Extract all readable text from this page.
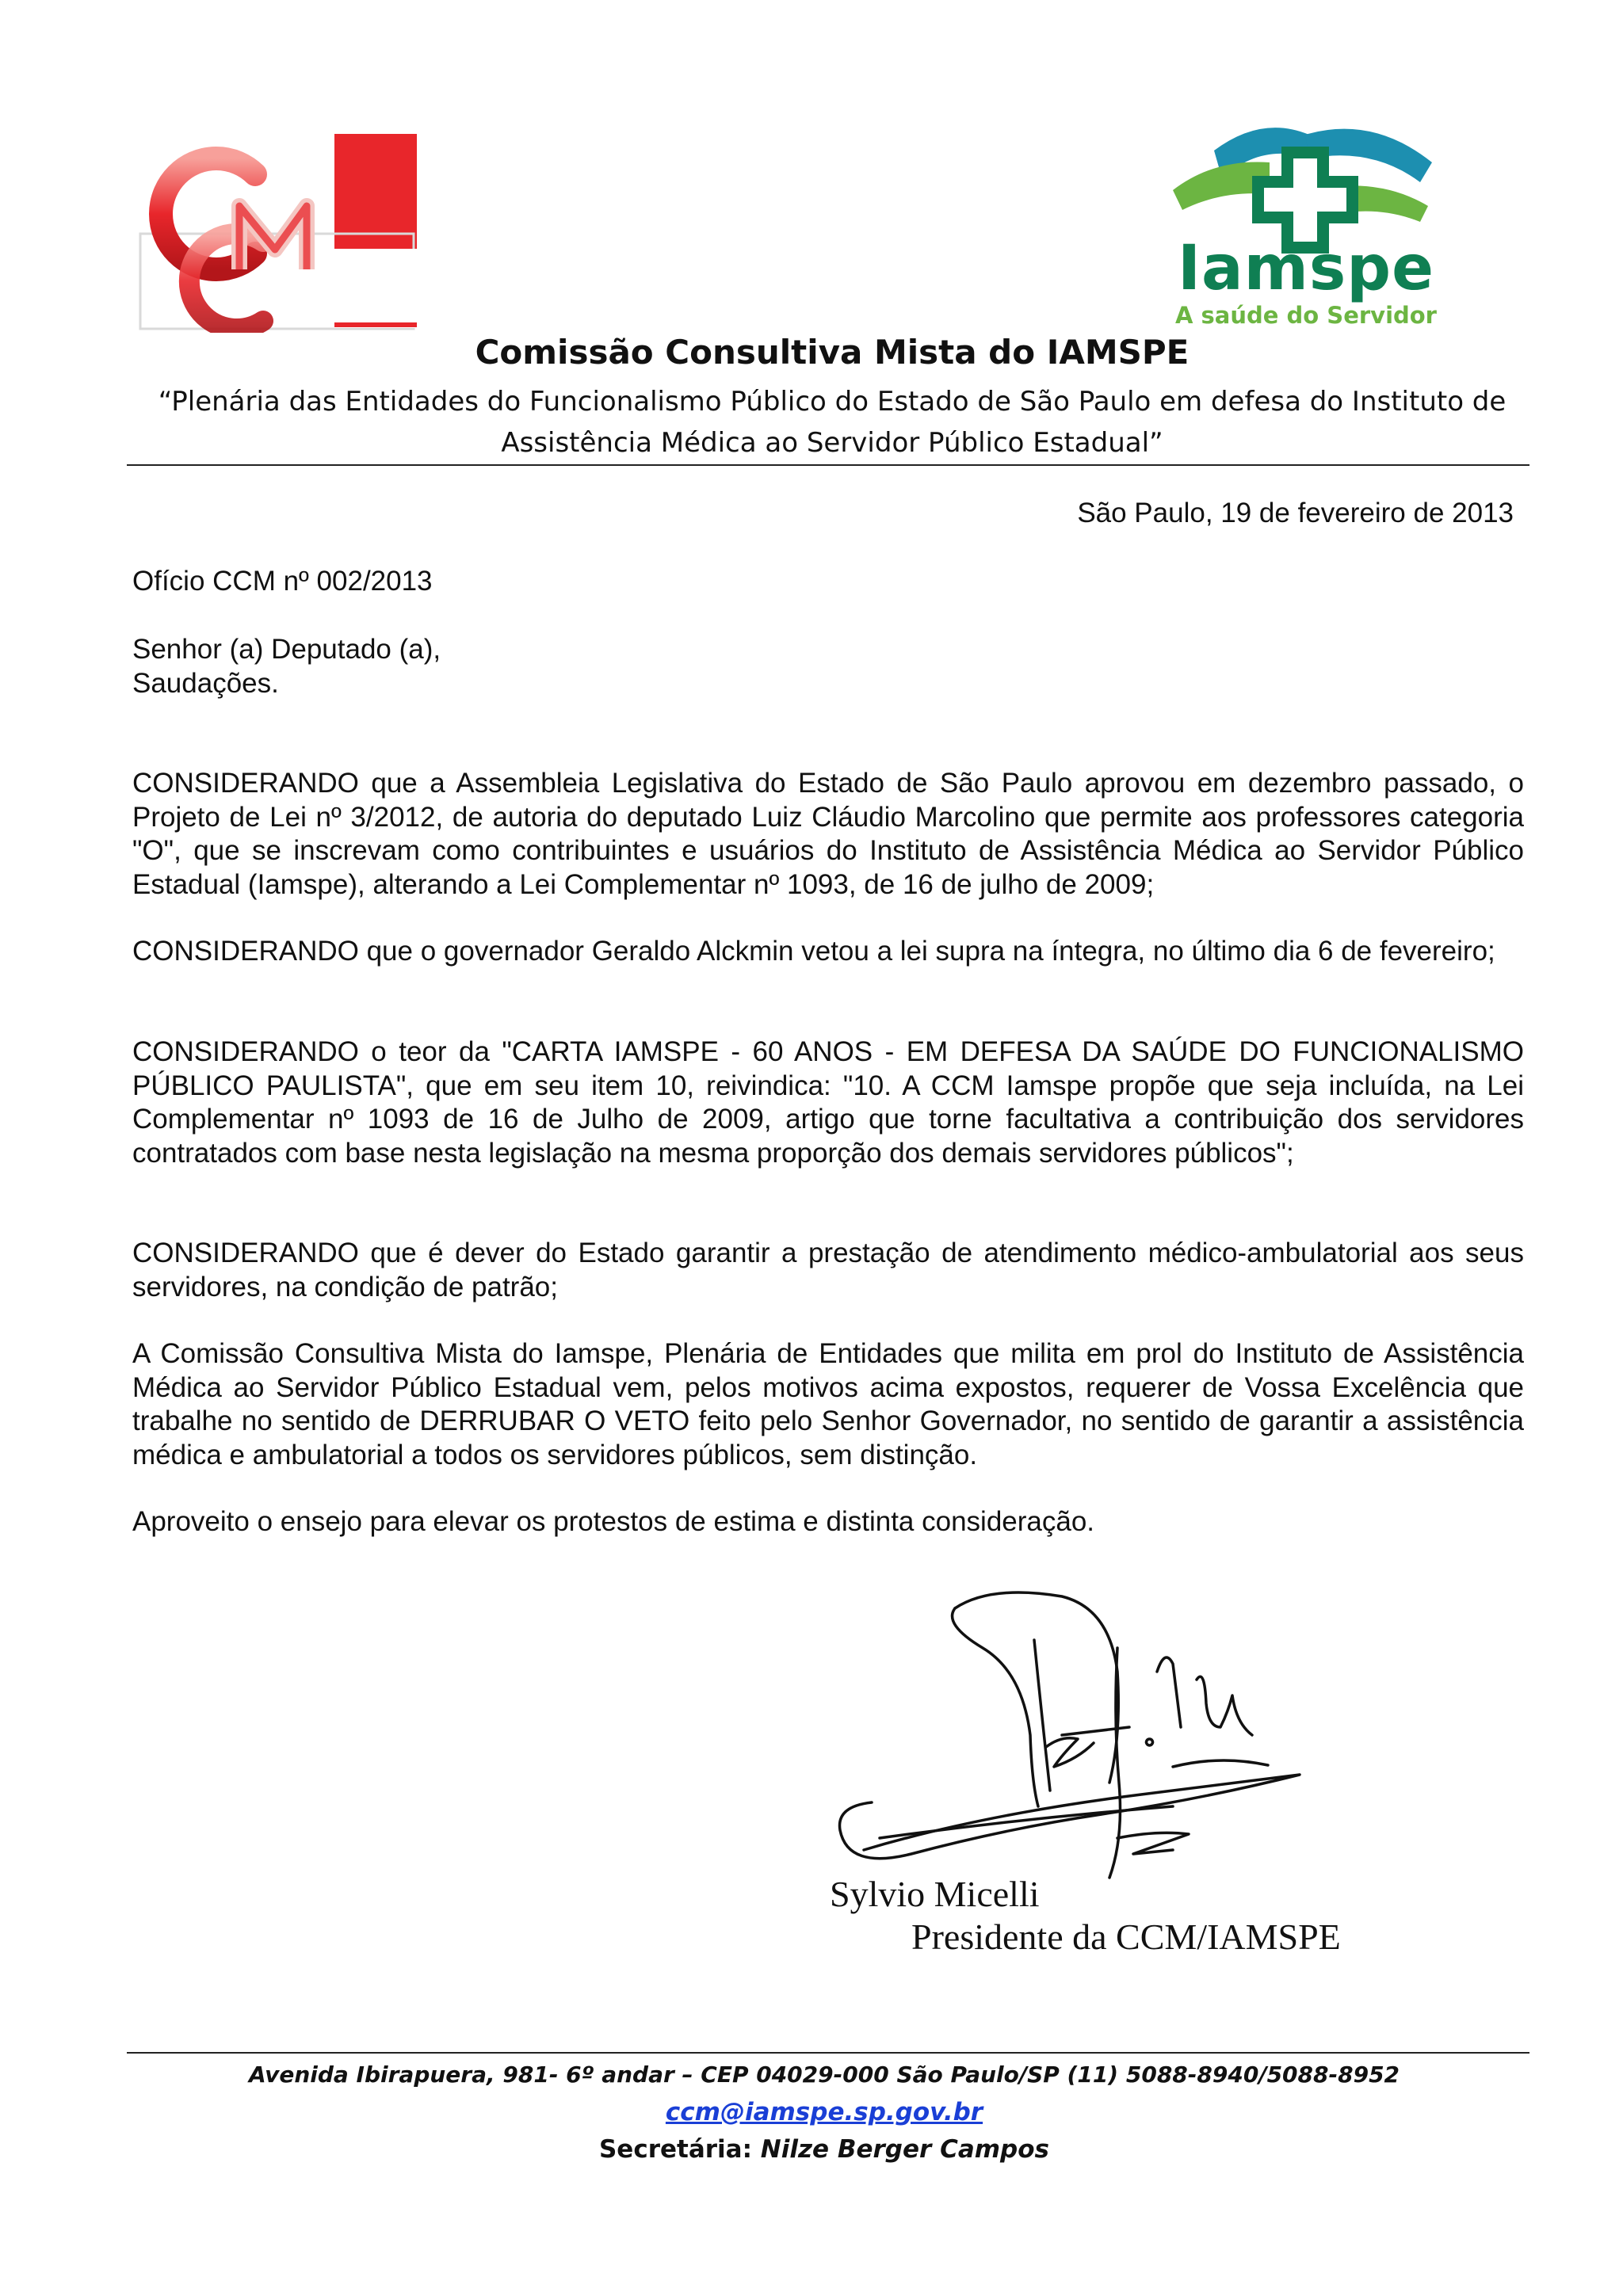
Iamspe
A saúde do Servidor
Comissão Consultiva Mista do IAMSPE
“Plenária das Entidades do Funcionalismo Público do Estado de São Paulo em defesa do Instituto de
Assistência Médica ao Servidor Público Estadual”
São Paulo, 19 de fevereiro de 2013
Ofício CCM nº 002/2013
Senhor (a) Deputado (a),
Saudações.
CONSIDERANDO que a Assembleia Legislativa do Estado de São Paulo aprovou em dezembro passado, o Projeto de Lei nº 3/2012, de autoria do deputado Luiz Cláudio Marcolino que permite aos professores categoria "O", que se inscrevam como contribuintes e usuários do Instituto de Assistência Médica ao Servidor Público Estadual (Iamspe), alterando a Lei Complementar nº 1093, de 16 de julho de 2009;
CONSIDERANDO que o governador Geraldo Alckmin vetou a lei supra na íntegra, no último dia 6 de fevereiro;
CONSIDERANDO o teor da "CARTA IAMSPE - 60 ANOS - EM DEFESA DA SAÚDE DO FUNCIONALISMO PÚBLICO PAULISTA", que em seu item 10, reivindica: "10. A CCM Iamspe propõe que seja incluída, na Lei Complementar nº 1093 de 16 de Julho de 2009, artigo que torne facultativa a contribuição dos servidores contratados com base nesta legislação na mesma proporção dos demais servidores públicos";
CONSIDERANDO que é dever do Estado garantir a prestação de atendimento médico-ambulatorial aos seus servidores, na condição de patrão;
A Comissão Consultiva Mista do Iamspe, Plenária de Entidades que milita em prol do Instituto de Assistência Médica ao Servidor Público Estadual vem, pelos motivos acima expostos, requerer de Vossa Excelência que trabalhe no sentido de DERRUBAR O VETO feito pelo Senhor Governador, no sentido de garantir a assistência médica e ambulatorial a todos os servidores públicos, sem distinção.
Aproveito o ensejo para elevar os protestos de estima e distinta consideração.
Sylvio Micelli
Presidente da CCM/IAMSPE
Avenida Ibirapuera, 981- 6º andar – CEP 04029-000 São Paulo/SP (11) 5088-8940/5088-8952
ccm@iamspe.sp.gov.br
Secretária: Nilze Berger Campos
